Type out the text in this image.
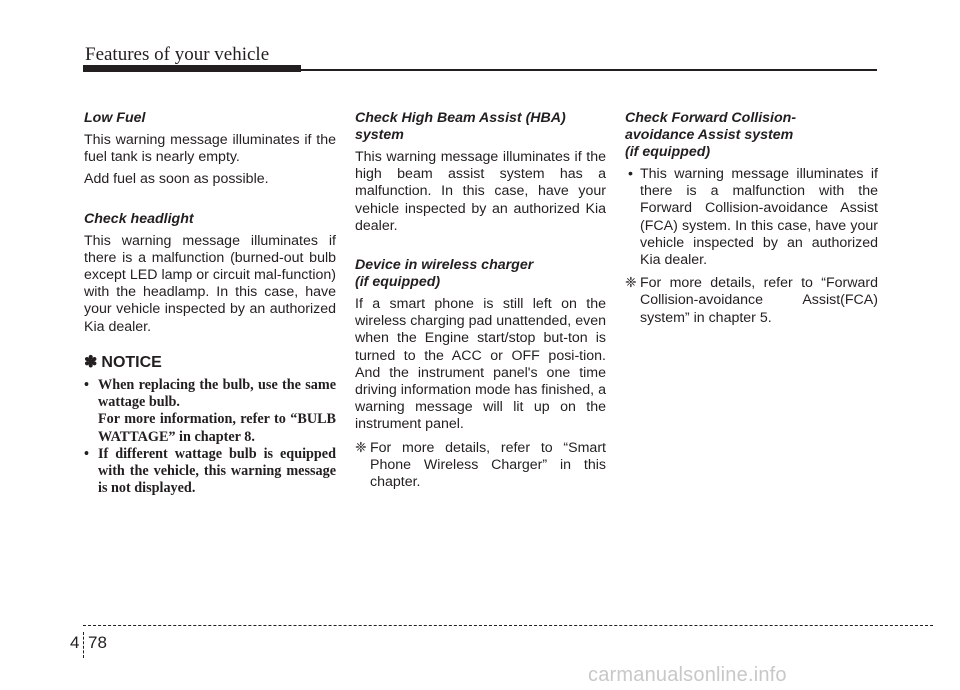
Features of your vehicle
Low Fuel

This warning message illuminates if the fuel tank is nearly empty.

Add fuel as soon as possible.

Check headlight

This warning message illuminates if there is a malfunction (burned-out bulb except LED lamp or circuit mal-function) with the headlamp. In this case, have your vehicle inspected by an authorized Kia dealer.

✽ NOTICE
• When replacing the bulb, use the same wattage bulb.
For more information, refer to “BULB WATTAGE” in chapter 8.
• If different wattage bulb is equipped with the vehicle, this warning message is not displayed.
Check High Beam Assist (HBA)
system

This warning message illuminates if the high beam assist system has a malfunction. In this case, have your vehicle inspected by an authorized Kia dealer.

Device in wireless charger
(if equipped)

If a smart phone is still left on the wireless charging pad unattended, even when the Engine start/stop but-ton is turned to the ACC or OFF posi-tion. And the instrument panel's one time driving information mode has finished, a warning message will lit up on the instrument panel.

❈ For more details, refer to “Smart Phone Wireless Charger” in this chapter.
Check Forward Collision-
avoidance Assist system
(if equipped)
• This warning message illuminates if there is a malfunction with the Forward Collision-avoidance Assist (FCA) system. In this case, have your vehicle inspected by an authorized Kia dealer.
❈ For more details, refer to “Forward Collision-avoidance Assist(FCA) system” in chapter 5.
4 78
carmanualsonline.info
